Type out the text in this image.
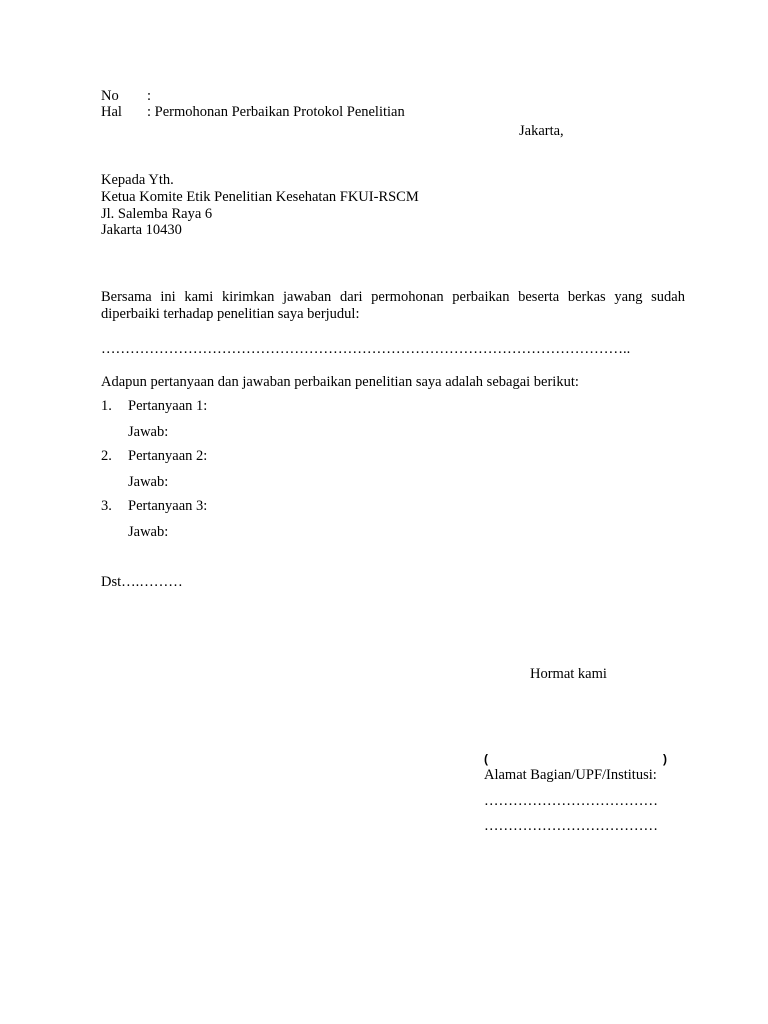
No :
Hal : Permohonan Perbaikan Protokol Penelitian
Jakarta,
Kepada Yth.
Ketua Komite Etik Penelitian Kesehatan FKUI-RSCM
Jl. Salemba Raya 6
Jakarta 10430
Bersama ini kami kirimkan jawaban dari permohonan perbaikan beserta berkas yang sudah diperbaiki terhadap penelitian saya berjudul:
………………………………………………………………………………………………..
Adapun pertanyaan dan jawaban perbaikan penelitian saya adalah sebagai berikut:
1. Pertanyaan 1:
Jawab:
2. Pertanyaan 2:
Jawab:
3. Pertanyaan 3:
Jawab:
Dst….………
Hormat kami
(	)
Alamat Bagian/UPF/Institusi:
………………………………
………………………………
